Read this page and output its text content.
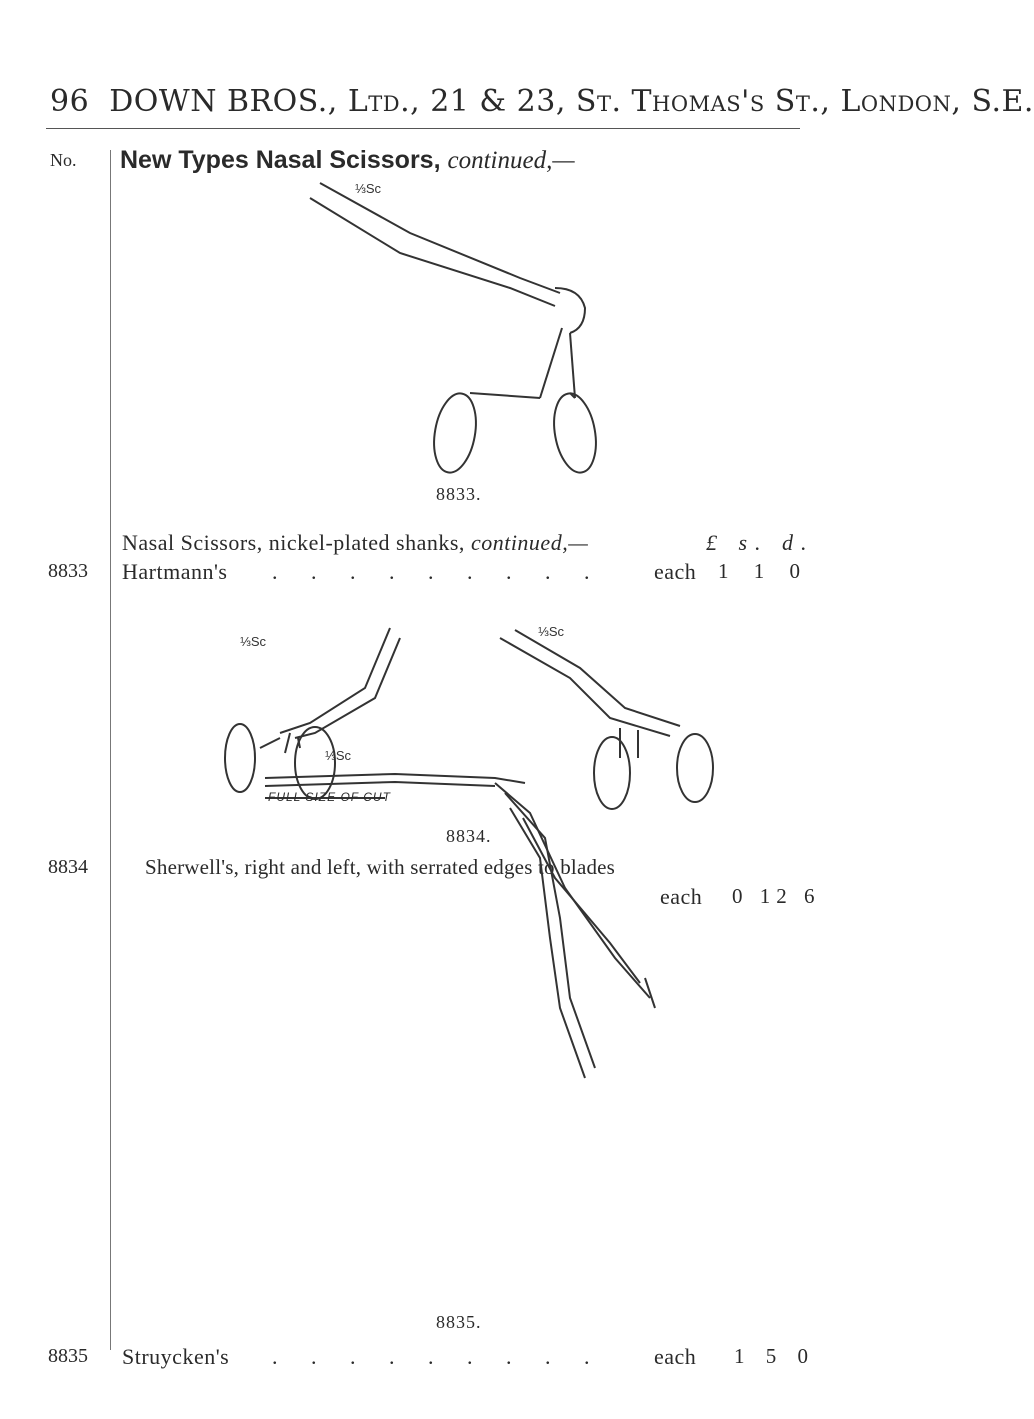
96 DOWN BROS., Ltd., 21 & 23, St. Thomas's St., London, S.E.
No. New Types Nasal Scissors, continued,—
⅓Sc
8833.
Nasal Scissors, nickel-plated shanks, continued,—	£ s. d.
8833 Hartmann's . . . . . . . . . each 1 1 0
⅓Sc
⅓Sc
8834.
8834	Sherwell's, right and left, with serrated edges to blades
each 0 12 6
⅓Sc
FULL SIZE OF CUT
8835.
8835 Struycken's . . . . . . . . . each 1 5 0
